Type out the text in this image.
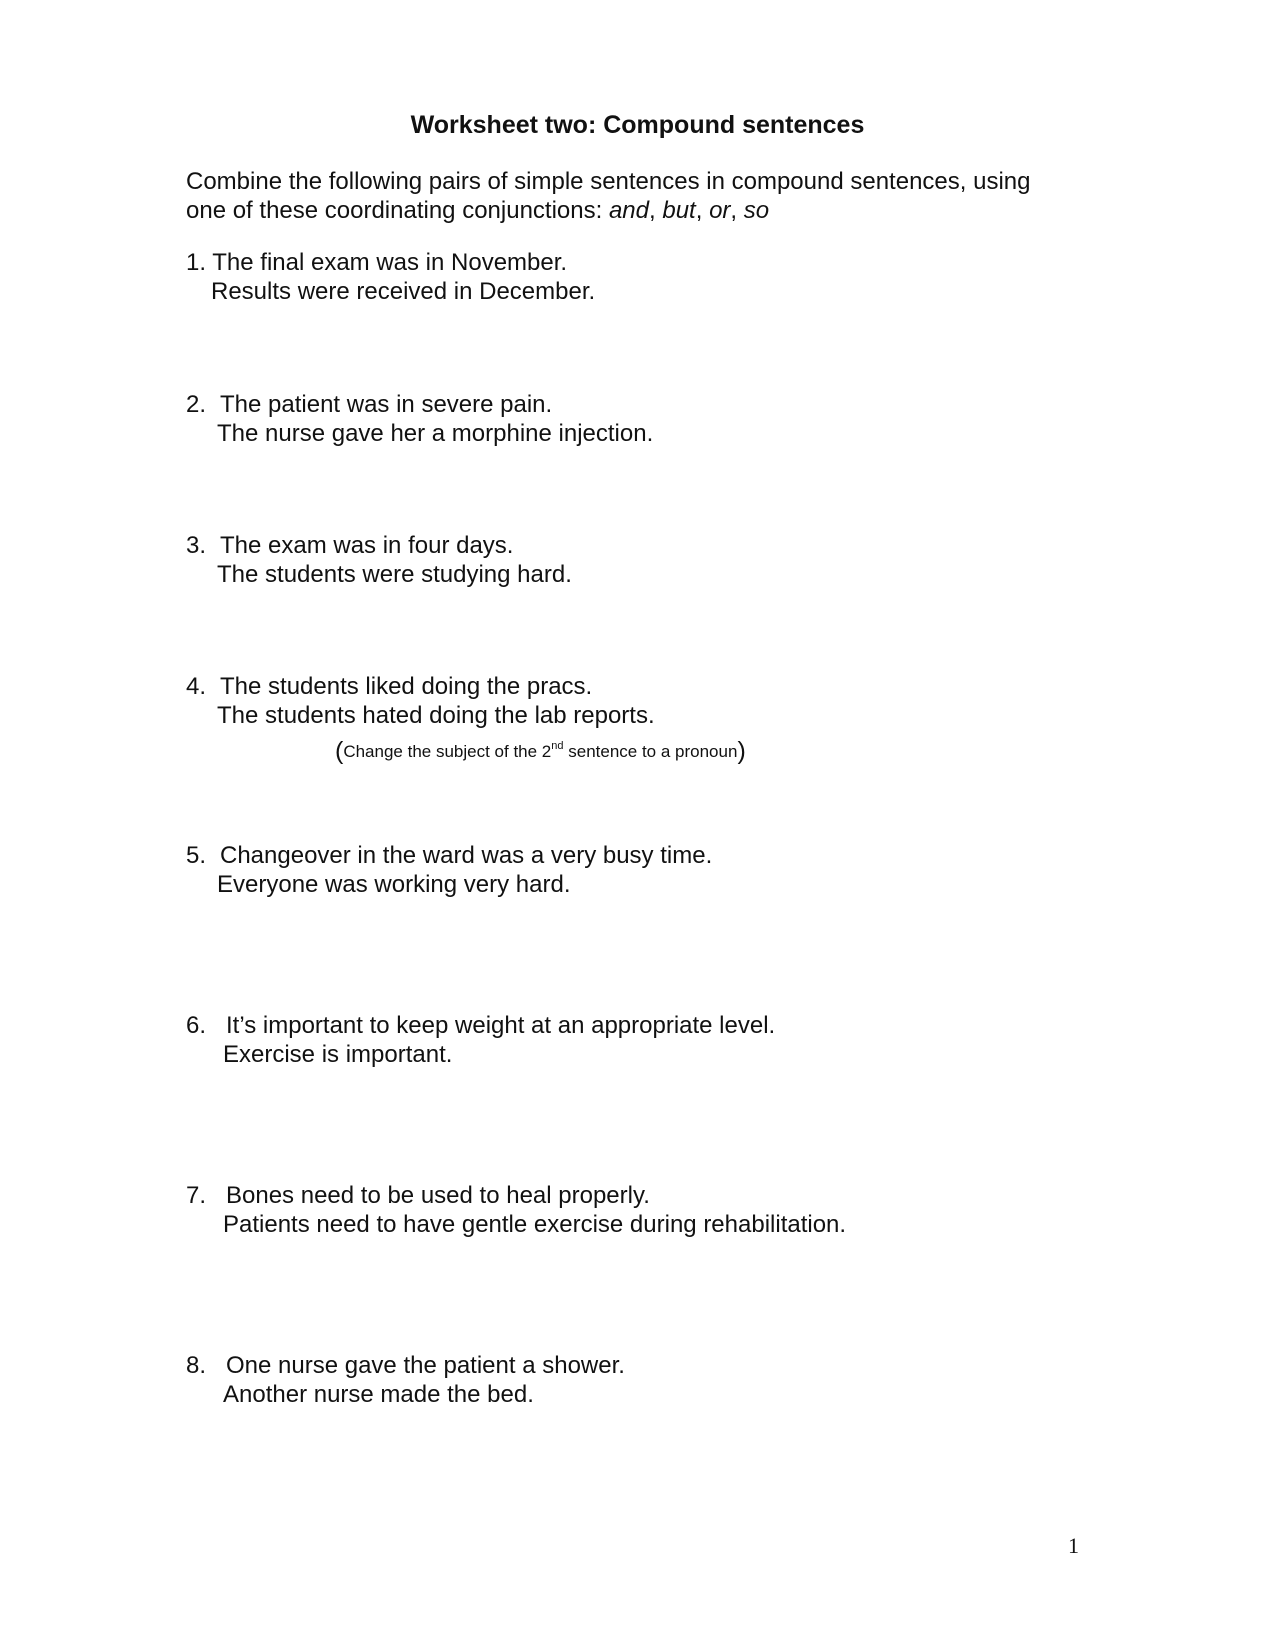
Worksheet two: Compound sentences
Combine the following pairs of simple sentences in compound sentences, using
one of these coordinating conjunctions: and, but, or, so
1. The final exam was in November.
Results were received in December.
2. The patient was in severe pain.
The nurse gave her a morphine injection.
3. The exam was in four days.
The students were studying hard.
4. The students liked doing the pracs.
The students hated doing the lab reports.
(Change the subject of the 2nd sentence to a pronoun)
5. Changeover in the ward was a very busy time.
Everyone was working very hard.
6. It’s important to keep weight at an appropriate level.
Exercise is important.
7. Bones need to be used to heal properly.
Patients need to have gentle exercise during rehabilitation.
8. One nurse gave the patient a shower.
Another nurse made the bed.
1
